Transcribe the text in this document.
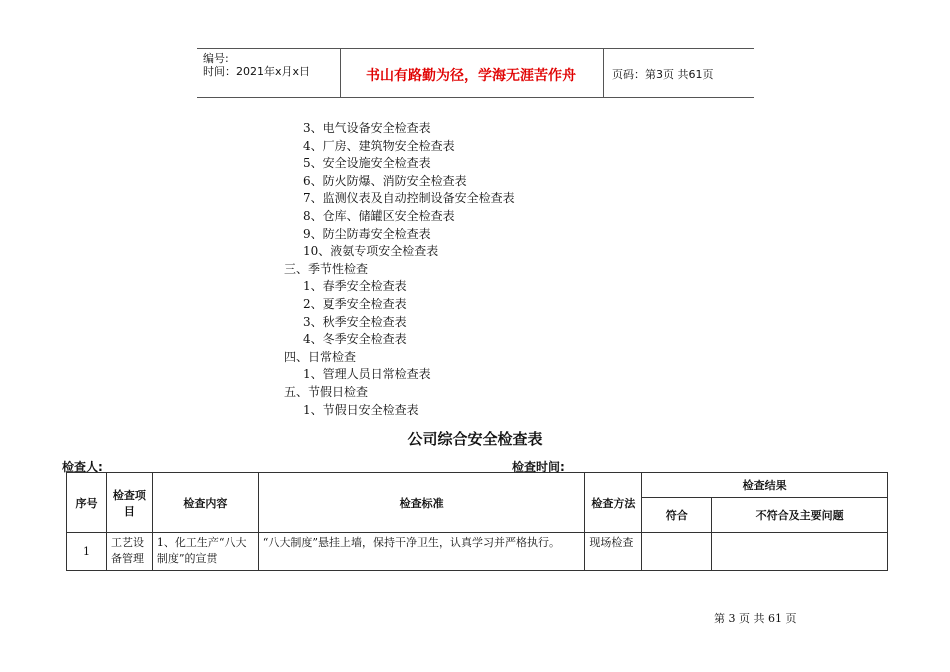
编号:
时间：2021年x月x日	书山有路勤为径，学海无涯苦作舟	页码：第3页 共61页
3、电气设备安全检查表
4、厂房、建筑物安全检查表
5、安全设施安全检查表
6、防火防爆、消防安全检查表
7、监测仪表及自动控制设备安全检查表
8、仓库、储罐区安全检查表
9、防尘防毒安全检查表
10、液氨专项安全检查表
三、季节性检查
1、春季安全检查表
2、夏季安全检查表
3、秋季安全检查表
4、冬季安全检查表
四、日常检查
1、管理人员日常检查表
五、节假日检查
1、节假日安全检查表
公司综合安全检查表
检查人:	检查时间:
序号	检查项目	检查内容	检查标准	检查方法	检查结果	
					符合	不符合及主要问题
1	工艺设备管理	1、化工生产“八大制度”的宣贯	“八大制度”悬挂上墙，保持干净卫生，认真学习并严格执行。	现场检查		
第 3 页 共 61 页
